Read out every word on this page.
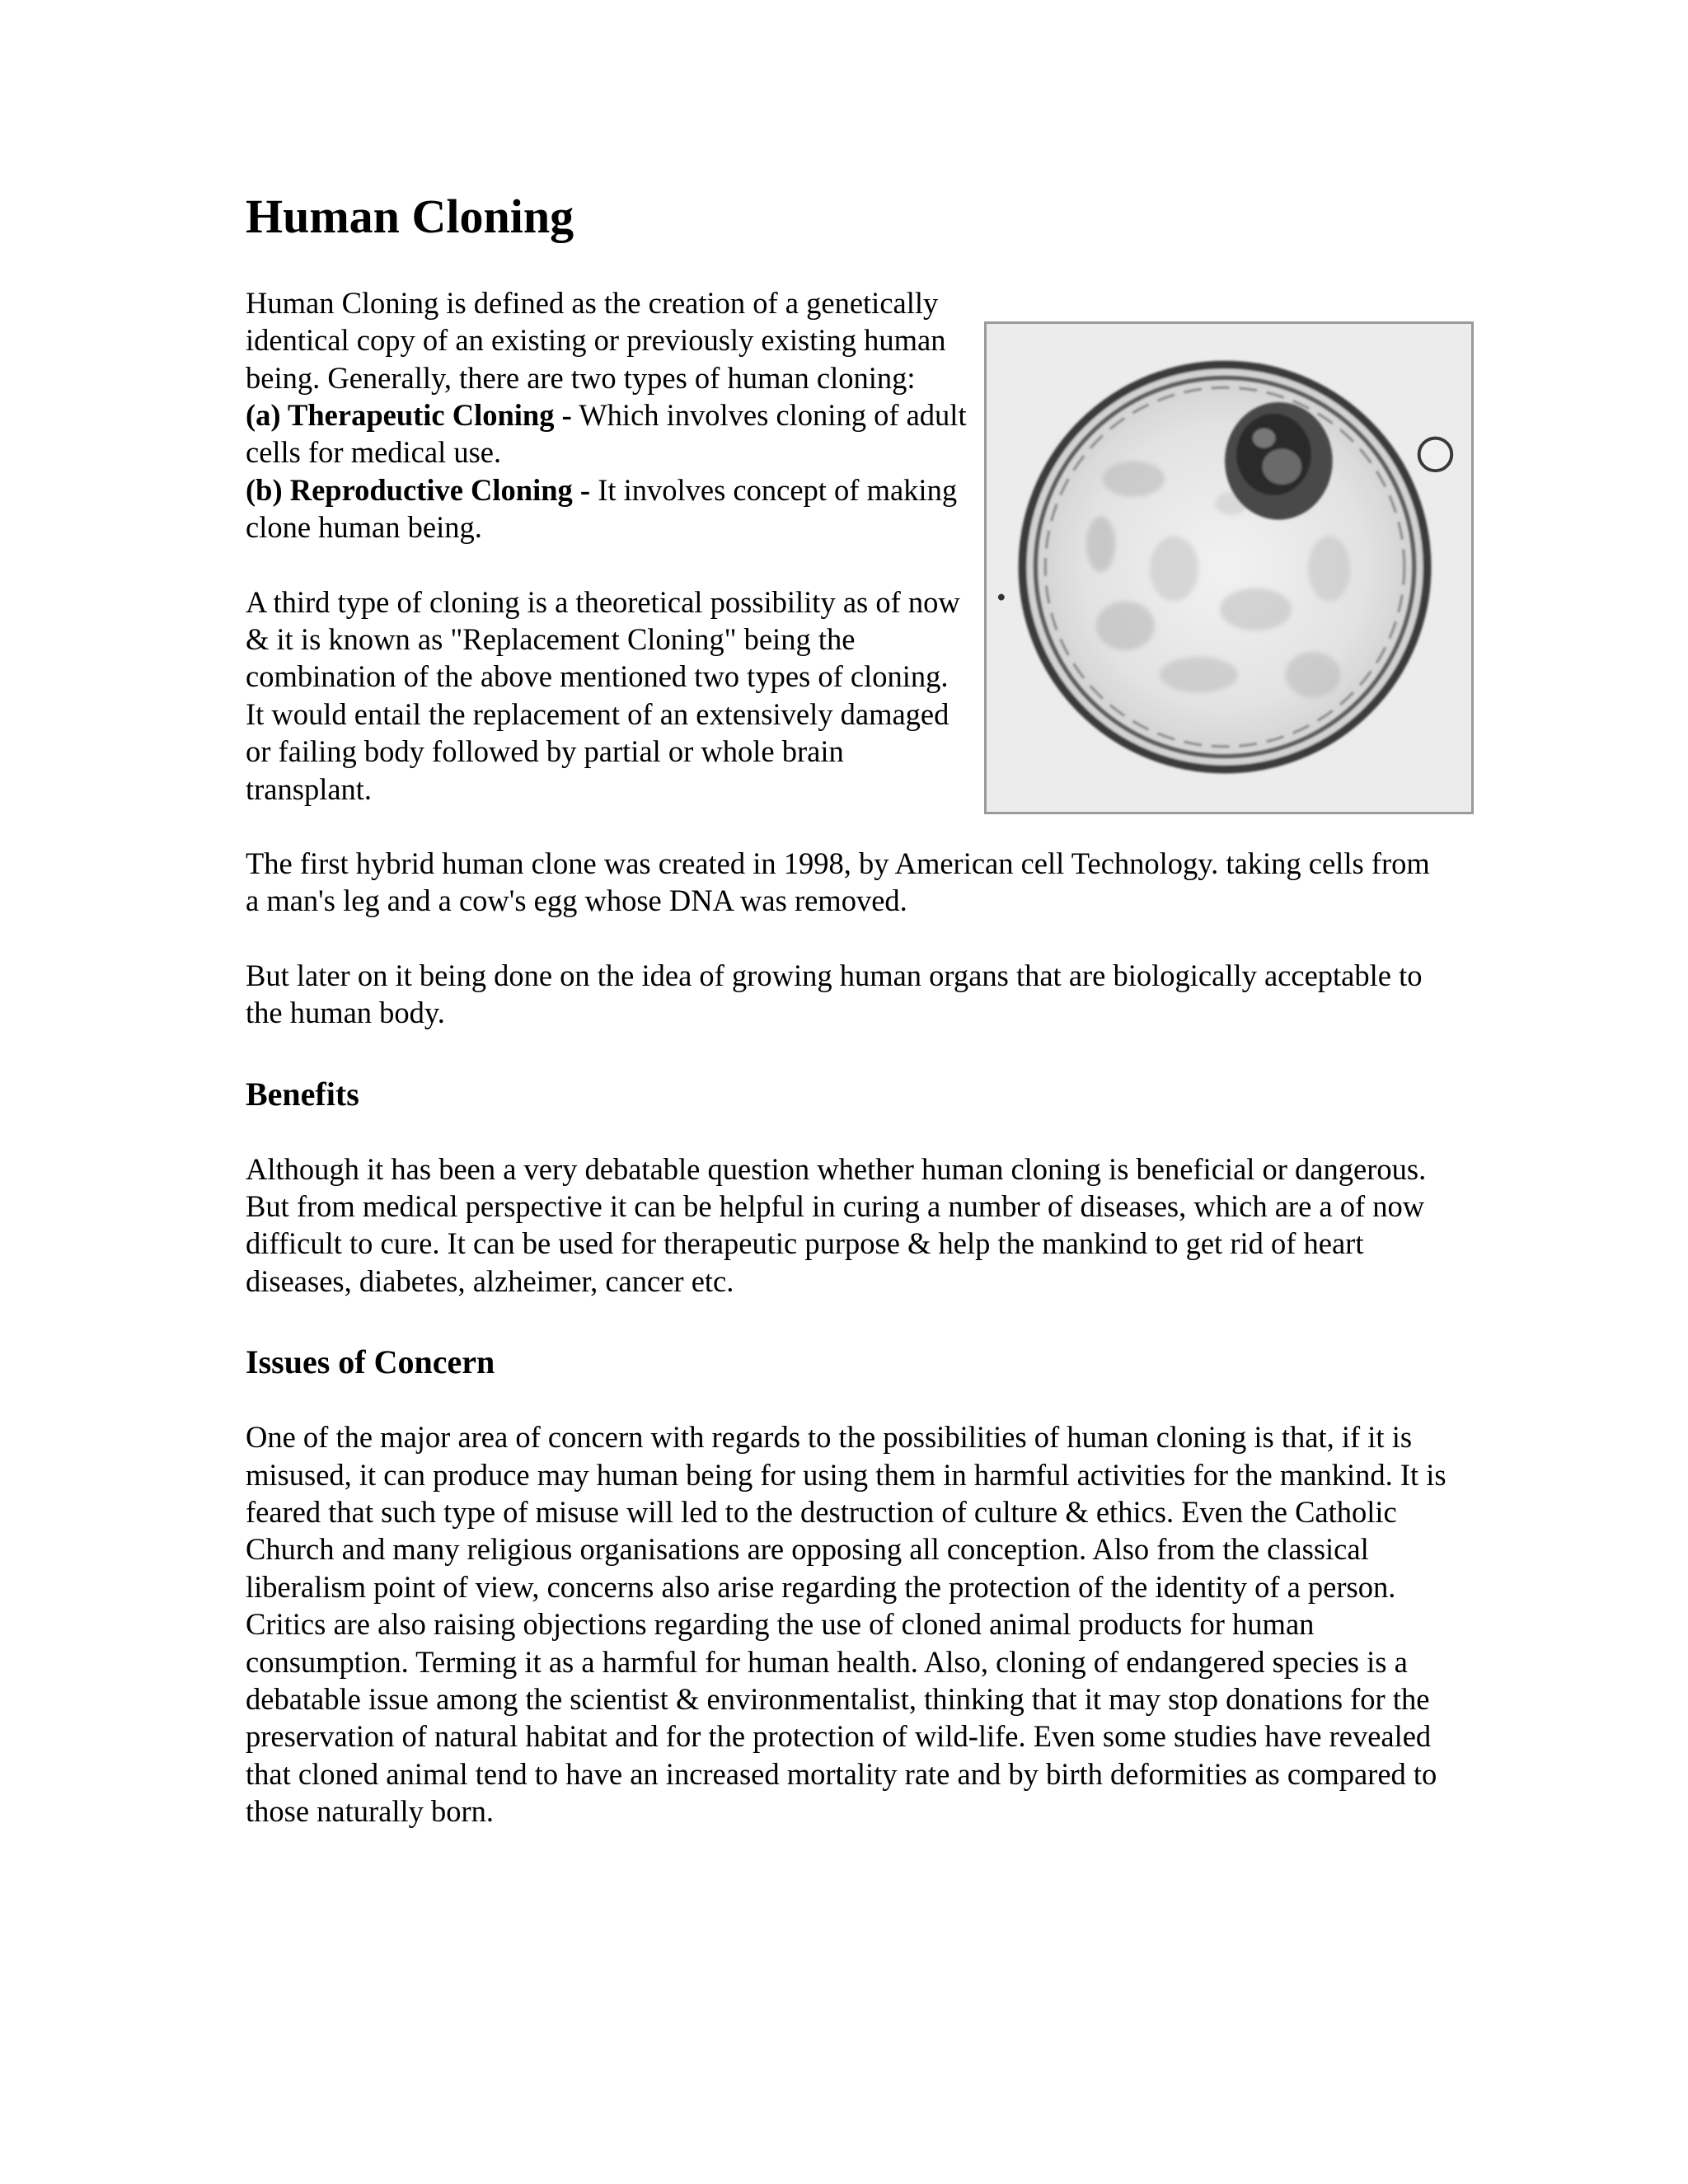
Human Cloning

Human Cloning is defined as the creation of a genetically identical copy of an existing or previously existing human being. Generally, there are two types of human cloning:
(a) Therapeutic Cloning - Which involves cloning of adult cells for medical use.
(b) Reproductive Cloning - It involves concept of making clone human being.

A third type of cloning is a theoretical possibility as of now & it is known as "Replacement Cloning" being the combination of the above mentioned two types of cloning. It would entail the replacement of an extensively damaged or failing body followed by partial or whole brain transplant.

The first hybrid human clone was created in 1998, by American cell Technology. taking cells from a man's leg and a cow's egg whose DNA was removed.

But later on it being done on the idea of growing human organs that are biologically acceptable to the human body.

Benefits

Although it has been a very debatable question whether human cloning is beneficial or dangerous. But from medical perspective it can be helpful in curing a number of diseases, which are a of now difficult to cure. It can be used for therapeutic purpose & help the mankind to get rid of heart diseases, diabetes, alzheimer, cancer etc.

Issues of Concern

One of the major area of concern with regards to the possibilities of human cloning is that, if it is misused, it can produce may human being for using them in harmful activities for the mankind. It is feared that such type of misuse will led to the destruction of culture & ethics. Even the Catholic Church and many religious organisations are opposing all conception. Also from the classical liberalism point of view, concerns also arise regarding the protection of the identity of a person. Critics are also raising objections regarding the use of cloned animal products for human consumption. Terming it as a harmful for human health. Also, cloning of endangered species is a debatable issue among the scientist & environmentalist, thinking that it may stop donations for the preservation of natural habitat and for the protection of wild-life. Even some studies have revealed that cloned animal tend to have an increased mortality rate and by birth deformities as compared to those naturally born.
